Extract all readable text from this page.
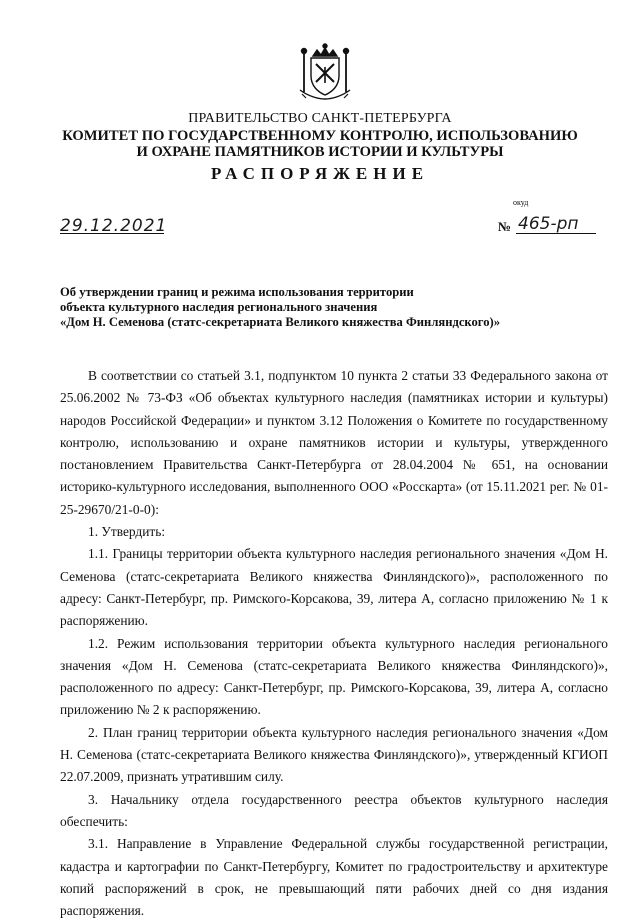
ПРАВИТЕЛЬСТВО САНКТ-ПЕТЕРБУРГА
КОМИТЕТ ПО ГОСУДАРСТВЕННОМУ КОНТРОЛЮ, ИСПОЛЬЗОВАНИЮ
И ОХРАНЕ ПАМЯТНИКОВ ИСТОРИИ И КУЛЬТУРЫ
РАСПОРЯЖЕНИЕ
окуд
29.12.2021	№ 465-рп
Об утверждении границ и режима использования территории
объекта культурного наследия регионального значения
«Дом Н. Семенова (статс-секретариата Великого княжества Финляндского)»

В соответствии со статьей 3.1, подпунктом 10 пункта 2 статьи 33 Федерального закона от 25.06.2002 № 73-ФЗ «Об объектах культурного наследия (памятниках истории и культуры) народов Российской Федерации» и пунктом 3.12 Положения о Комитете по государственному контролю, использованию и охране памятников истории и культуры, утвержденного постановлением Правительства Санкт-Петербурга от 28.04.2004 № 651, на основании историко-культурного исследования, выполненного ООО «Росскарта» (от 15.11.2021 рег. № 01-25-29670/21-0-0):

1. Утвердить:

1.1. Границы территории объекта культурного наследия регионального значения «Дом Н. Семенова (статс-секретариата Великого княжества Финляндского)», расположенного по адресу: Санкт-Петербург, пр. Римского-Корсакова, 39, литера А, согласно приложению № 1 к распоряжению.

1.2. Режим использования территории объекта культурного наследия регионального значения «Дом Н. Семенова (статс-секретариата Великого княжества Финляндского)», расположенного по адресу: Санкт-Петербург, пр. Римского-Корсакова, 39, литера А, согласно приложению № 2 к распоряжению.

2. План границ территории объекта культурного наследия регионального значения «Дом Н. Семенова (статс-секретариата Великого княжества Финляндского)», утвержденный КГИОП 22.07.2009, признать утратившим силу.

3. Начальнику отдела государственного реестра объектов культурного наследия обеспечить:

3.1. Направление в Управление Федеральной службы государственной регистрации, кадастра и картографии по Санкт-Петербургу, Комитет по градостроительству и архитектуре копий распоряжений в срок, не превышающий пяти рабочих дней со дня издания распоряжения.
